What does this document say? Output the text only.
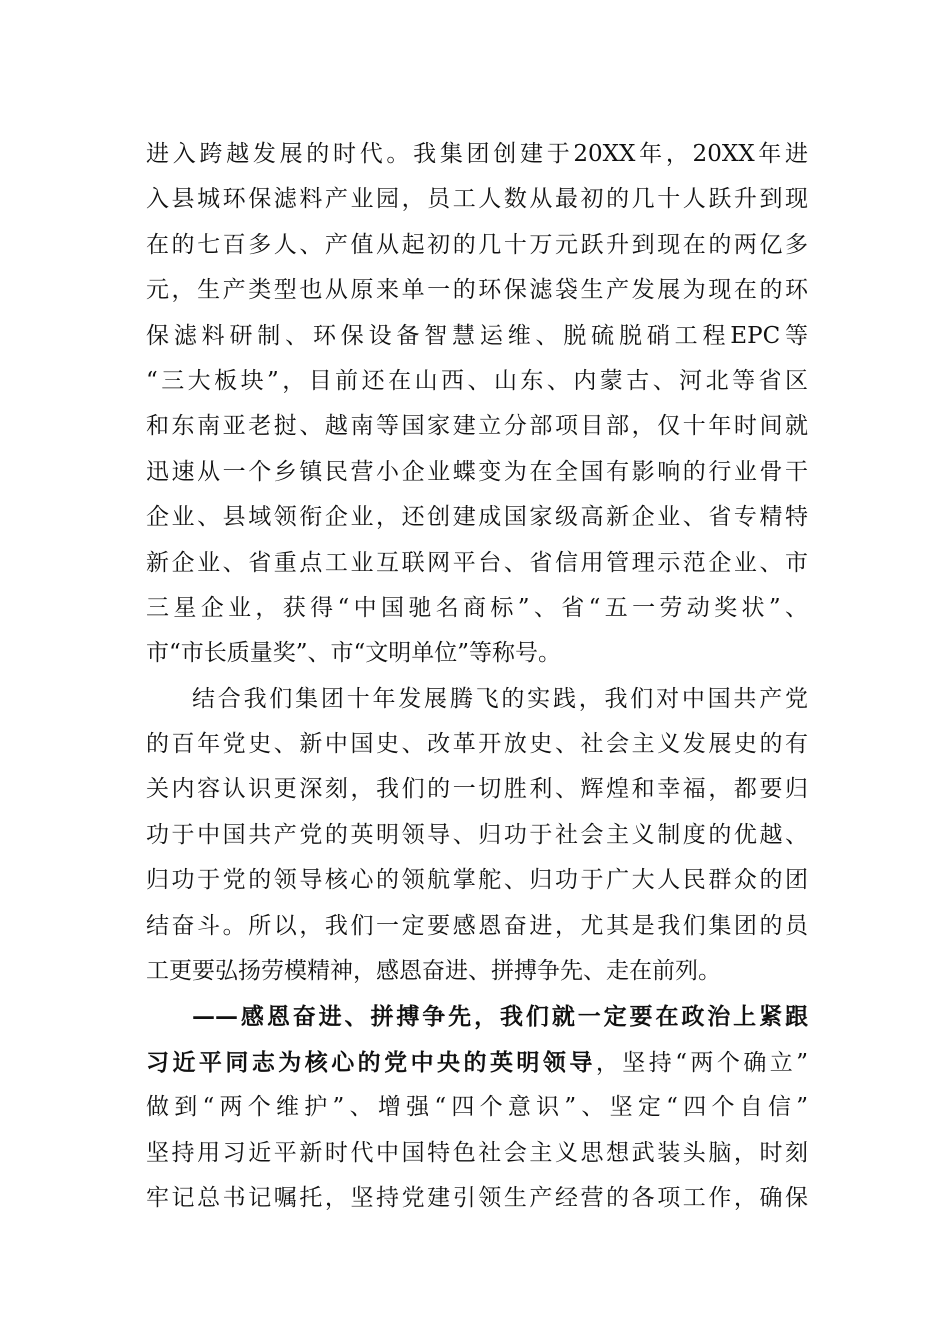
进入跨越发展的时代。我集团创建于20XX年，20XX年进
入县城环保滤料产业园，员工人数从最初的几十人跃升到现
在的七百多人、产值从起初的几十万元跃升到现在的两亿多
元，生产类型也从原来单一的环保滤袋生产发展为现在的环
保滤料研制、环保设备智慧运维、脱硫脱硝工程EPC等
“三大板块”，目前还在山西、山东、内蒙古、河北等省区
和东南亚老挝、越南等国家建立分部项目部，仅十年时间就
迅速从一个乡镇民营小企业蝶变为在全国有影响的行业骨干
企业、县域领衔企业，还创建成国家级高新企业、省专精特
新企业、省重点工业互联网平台、省信用管理示范企业、市
三星企业，获得“中国驰名商标”、省“五一劳动奖状”、
市“市长质量奖”、市“文明单位”等称号。
结合我们集团十年发展腾飞的实践，我们对中国共产党
的百年党史、新中国史、改革开放史、社会主义发展史的有
关内容认识更深刻，我们的一切胜利、辉煌和幸福，都要归
功于中国共产党的英明领导、归功于社会主义制度的优越、
归功于党的领导核心的领航掌舵、归功于广大人民群众的团
结奋斗。所以，我们一定要感恩奋进，尤其是我们集团的员
工更要弘扬劳模精神，感恩奋进、拼搏争先、走在前列。
——感恩奋进、拼搏争先，我们就一定要在政治上紧跟
习近平同志为核心的党中央的英明领导，坚持“两个确立”
做到“两个维护”、增强“四个意识”、坚定“四个自信”
坚持用习近平新时代中国特色社会主义思想武装头脑，时刻
牢记总书记嘱托，坚持党建引领生产经营的各项工作，确保
